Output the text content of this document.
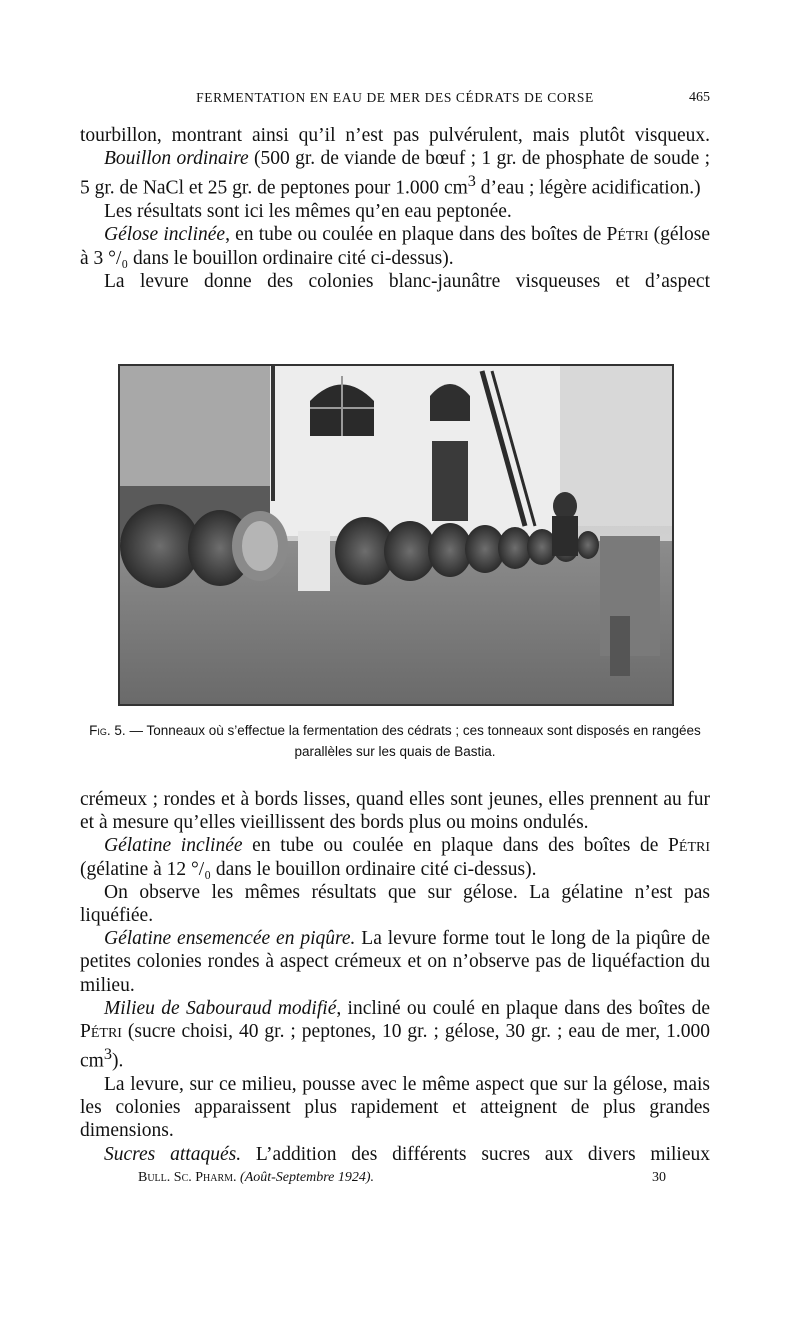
FERMENTATION EN EAU DE MER DES CÉDRATS DE CORSE	465

tourbillon, montrant ainsi qu’il n’est pas pulvérulent, mais plutôt visqueux.

Bouillon ordinaire (500 gr. de viande de bœuf ; 1 gr. de phosphate de soude ; 5 gr. de NaCl et 25 gr. de peptones pour 1.000 $cm^3$ d’eau ; légère acidification.)

Les résultats sont ici les mêmes qu’en eau peptonée.

Gélose inclinée, en tube ou coulée en plaque dans des boîtes de Pétri (gélose à 3 °/₀ dans le bouillon ordinaire cité ci-dessus).

La levure donne des colonies blanc-jaunâtre visqueuses et d’aspect

Fig. 5. — Tonneaux où s’effectue la fermentation des cédrats ; ces tonneaux sont disposés en rangées parallèles sur les quais de Bastia.

crémeux ; rondes et à bords lisses, quand elles sont jeunes, elles prennent au fur et à mesure qu’elles vieillissent des bords plus ou moins ondulés.

Gélatine inclinée en tube ou coulée en plaque dans des boîtes de Pétri (gélatine à 12 °/₀ dans le bouillon ordinaire cité ci-dessus).

On observe les mêmes résultats que sur gélose. La gélatine n’est pas liquéfiée.

Gélatine ensemencée en piqûre. La levure forme tout le long de la piqûre de petites colonies rondes à aspect crémeux et on n’observe pas de liquéfaction du milieu.

Milieu de Sabouraud modifié, incliné ou coulé en plaque dans des boîtes de Pétri (sucre choisi, 40 gr. ; peptones, 10 gr. ; gélose, 30 gr. ; eau de mer, 1.000 $cm^3$).

La levure, sur ce milieu, pousse avec le même aspect que sur la gélose, mais les colonies apparaissent plus rapidement et atteignent de plus grandes dimensions.

Sucres attaqués. L’addition des différents sucres aux divers milieux

Bull. Sc. Pharm. (Août-Septembre 1924).	30
